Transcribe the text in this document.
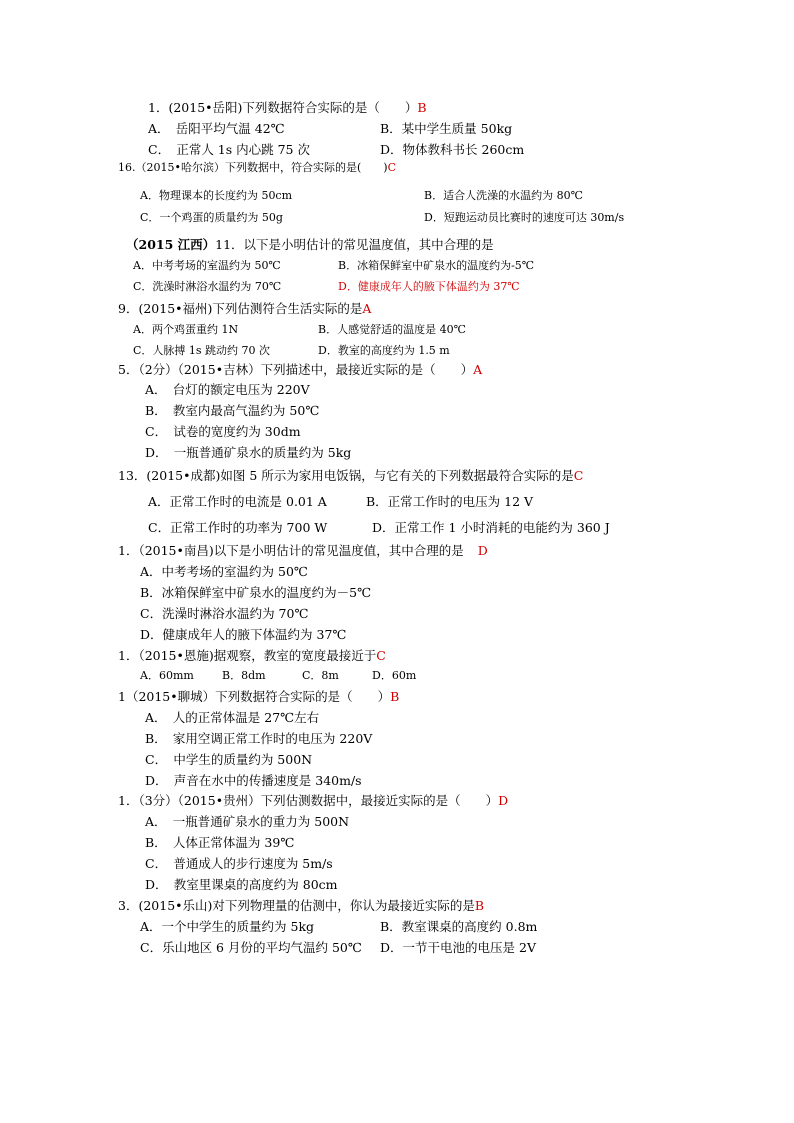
1．(2015•岳阳)下列数据符合实际的是（　　）B
A．　岳阳平均气温 42℃	B．某中学生质量 50kg
C．　正常人 1s 内心跳 75 次	D．物体教科书长 260cm
16.（2015•哈尔滨）下列数据中，符合实际的是(　　)C
A．物理课本的长度约为 50cm	B．适合人洗澡的水温约为 80℃
C．一个鸡蛋的质量约为 50g	D．短跑运动员比赛时的速度可达 30m/s
（2015 江西）11．以下是小明估计的常见温度值，其中合理的是
A．中考考场的室温约为 50℃	B．冰箱保鲜室中矿泉水的温度约为-5℃
C．洗澡时淋浴水温约为 70℃	D．健康成年人的腋下体温约为 37℃
9．(2015•福州)下列估测符合生活实际的是A
A．两个鸡蛋重约 1N	B．人感觉舒适的温度是 40℃
C．人脉搏 1s 跳动约 70 次	D．教室的高度约为 1.5 m
5．（2分）（2015•吉林）下列描述中，最接近实际的是（　　）A
A．　台灯的额定电压为 220V
B．　教室内最高气温约为 50℃
C．　试卷的宽度约为 30dm
D．　一瓶普通矿泉水的质量约为 5kg
13．(2015•成都)如图 5 所示为家用电饭锅，与它有关的下列数据最符合实际的是C
A．正常工作时的电流是 0.01 A	B．正常工作时的电压为 12 V
C．正常工作时的功率为 700 W	D．正常工作 1 小时消耗的电能约为 360 J
1．（2015•南昌)以下是小明估计的常见温度值，其中合理的是 D
A．中考考场的室温约为 50℃
B．冰箱保鲜室中矿泉水的温度约为－5℃
C．洗澡时淋浴水温约为 70℃
D．健康成年人的腋下体温约为 37℃
1．（2015•恩施)据观察，教室的宽度最接近于C
A．60mm	B．8dm	C．8m	D．60m
1（2015•聊城）下列数据符合实际的是（　　）B
A．　人的正常体温是 27℃左右
B．　家用空调正常工作时的电压为 220V
C．　中学生的质量约为 500N
D．　声音在水中的传播速度是 340m/s
1．（3分）（2015•贵州）下列估测数据中，最接近实际的是（　　）D
A．　一瓶普通矿泉水的重力为 500N
B．　人体正常体温为 39℃
C．　普通成人的步行速度为 5m/s
D．　教室里课桌的高度约为 80cm
3．(2015•乐山)对下列物理量的估测中，你认为最接近实际的是B
A．一个中学生的质量约为 5kg	B．教室课桌的高度约 0.8m
C．乐山地区 6 月份的平均气温约 50℃ D．一节干电池的电压是 2V
